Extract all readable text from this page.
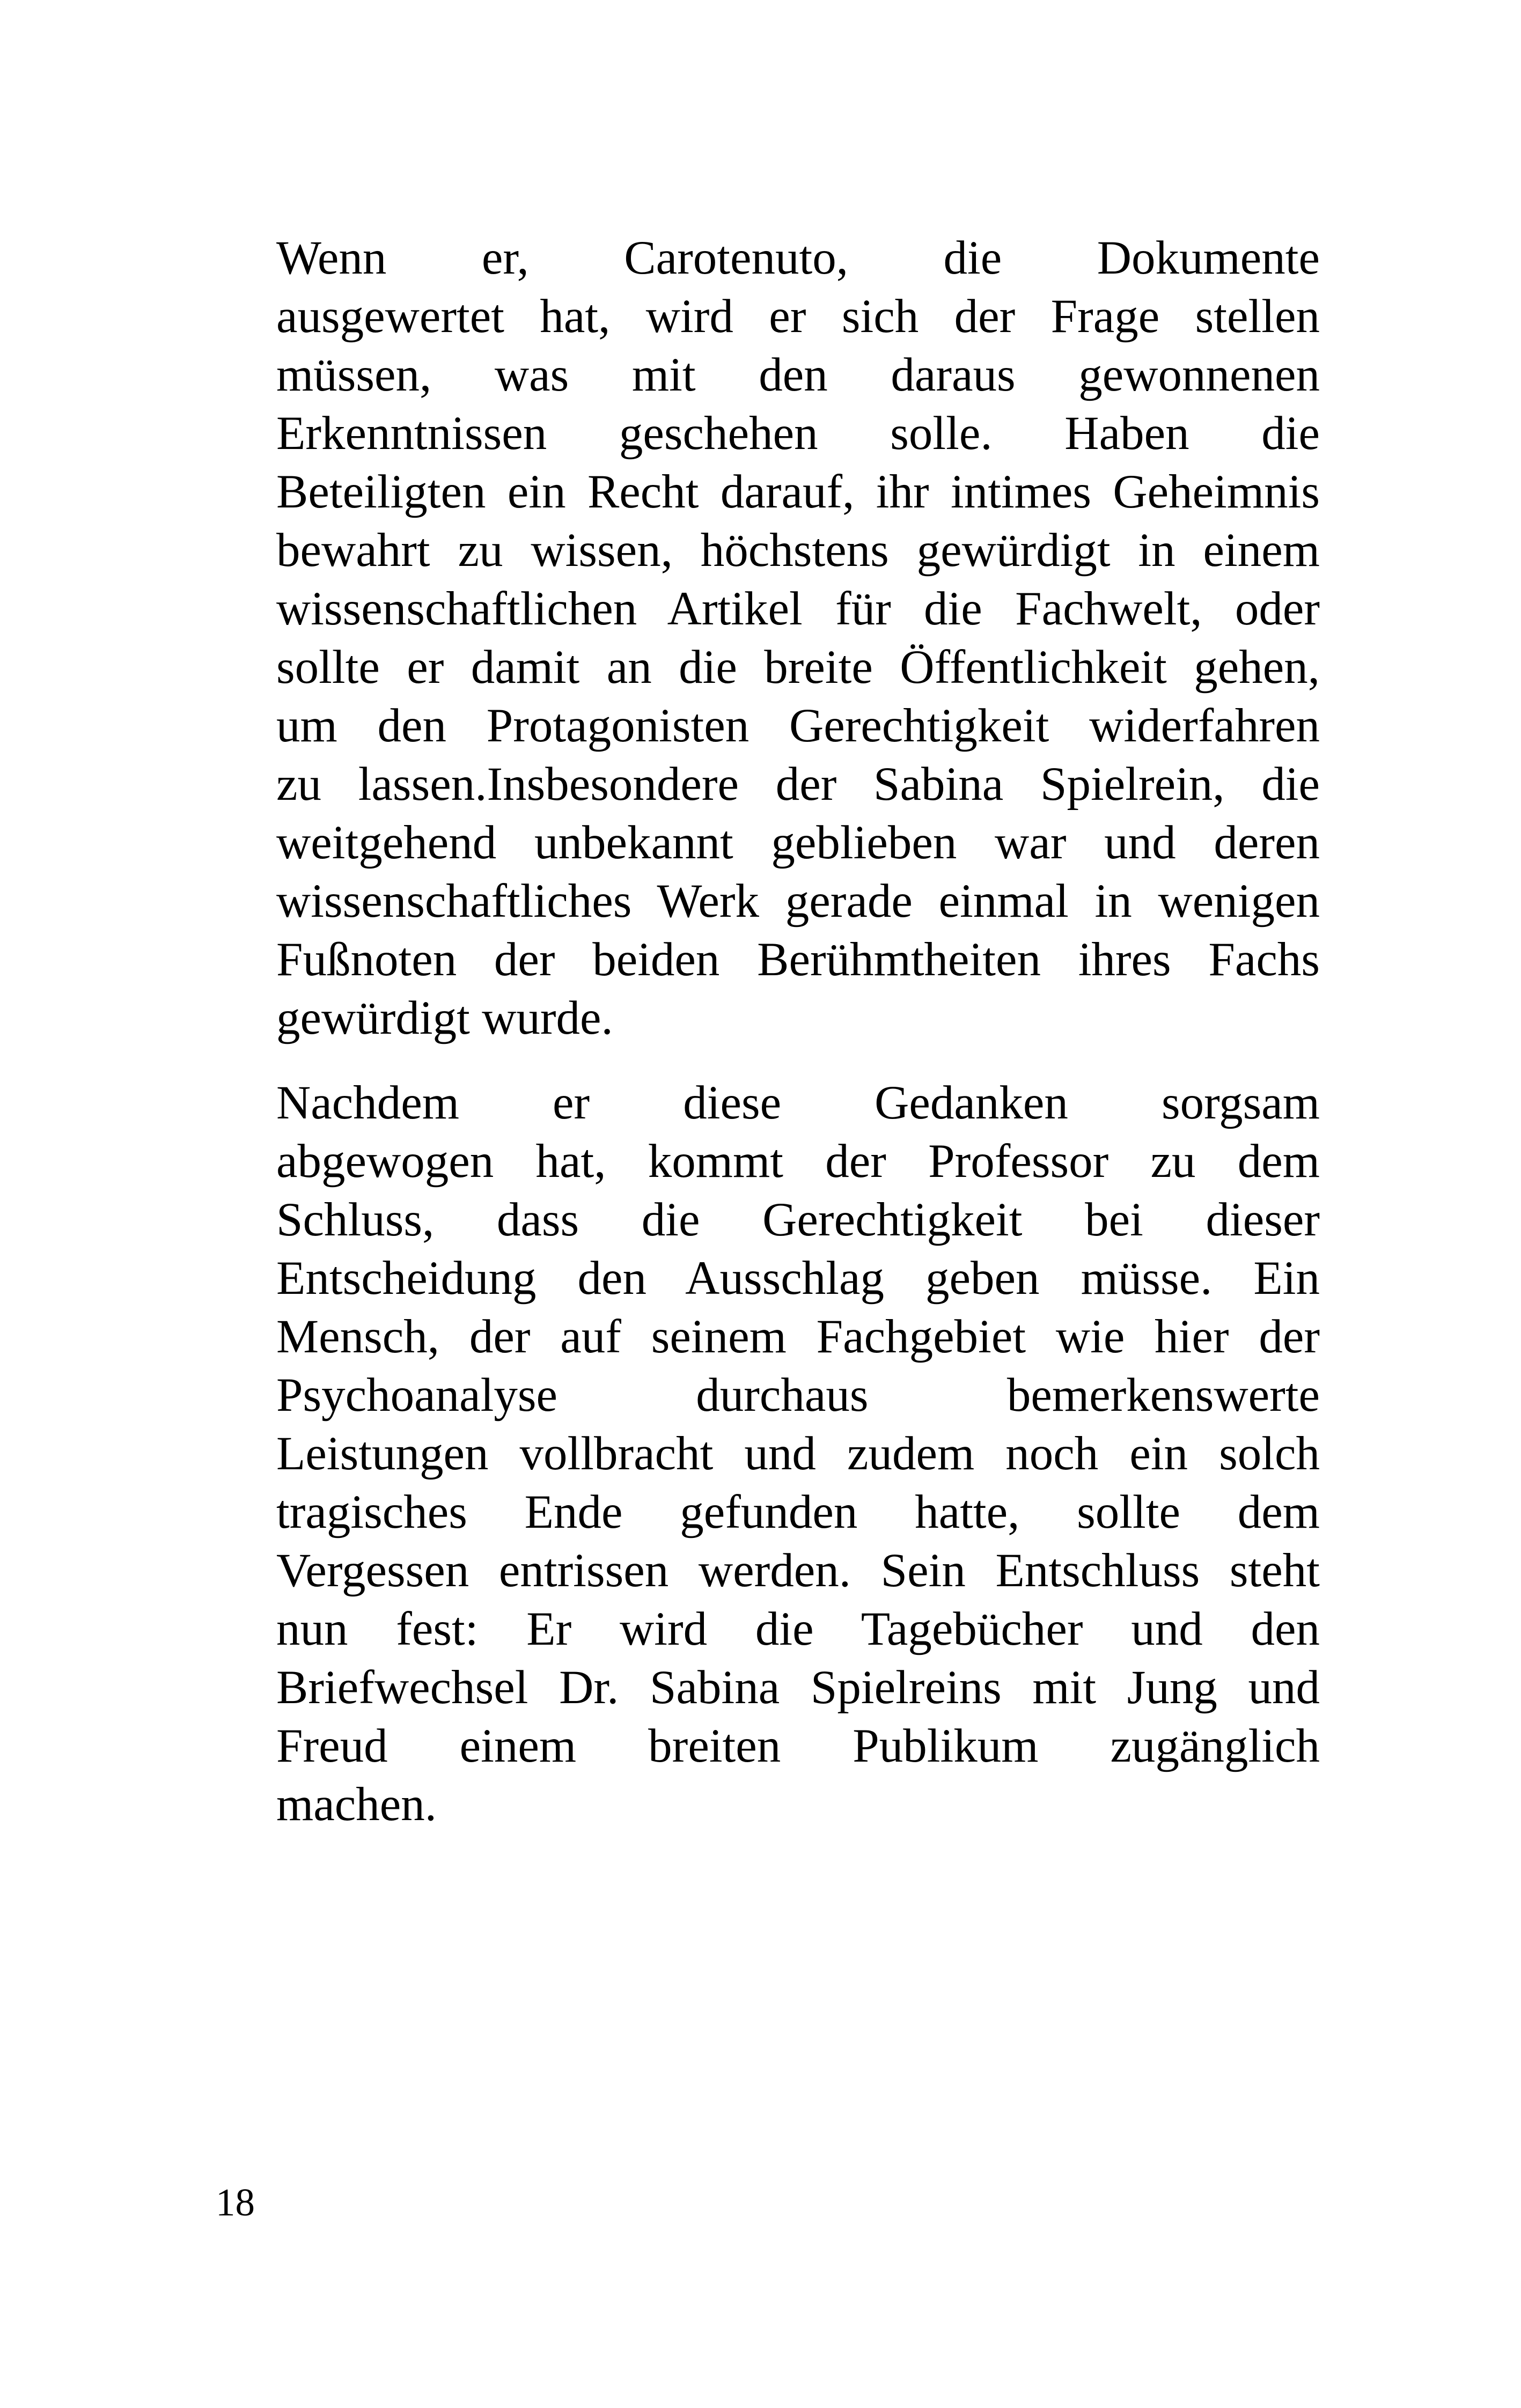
Wenn er, Carotenuto, die Dokumente
ausgewertet hat, wird er sich der Frage stellen
müssen, was mit den daraus gewonnenen
Erkenntnissen geschehen solle. Haben die
Beteiligten ein Recht darauf, ihr intimes Geheimnis
bewahrt zu wissen, höchstens gewürdigt in einem
wissenschaftlichen Artikel für die Fachwelt, oder
sollte er damit an die breite Öffentlichkeit gehen,
um den Protagonisten Gerechtigkeit widerfahren
zu lassen.Insbesondere der Sabina Spielrein, die
weitgehend unbekannt geblieben war und deren
wissenschaftliches Werk gerade einmal in wenigen
Fußnoten der beiden Berühmtheiten ihres Fachs
gewürdigt wurde.

Nachdem er diese Gedanken sorgsam
abgewogen hat, kommt der Professor zu dem
Schluss, dass die Gerechtigkeit bei dieser
Entscheidung den Ausschlag geben müsse. Ein
Mensch, der auf seinem Fachgebiet wie hier der
Psychoanalyse durchaus bemerkenswerte
Leistungen vollbracht und zudem noch ein solch
tragisches Ende gefunden hatte, sollte dem
Vergessen entrissen werden. Sein Entschluss steht
nun fest: Er wird die Tagebücher und den
Briefwechsel Dr. Sabina Spielreins mit Jung und
Freud einem breiten Publikum zugänglich
machen.

18
